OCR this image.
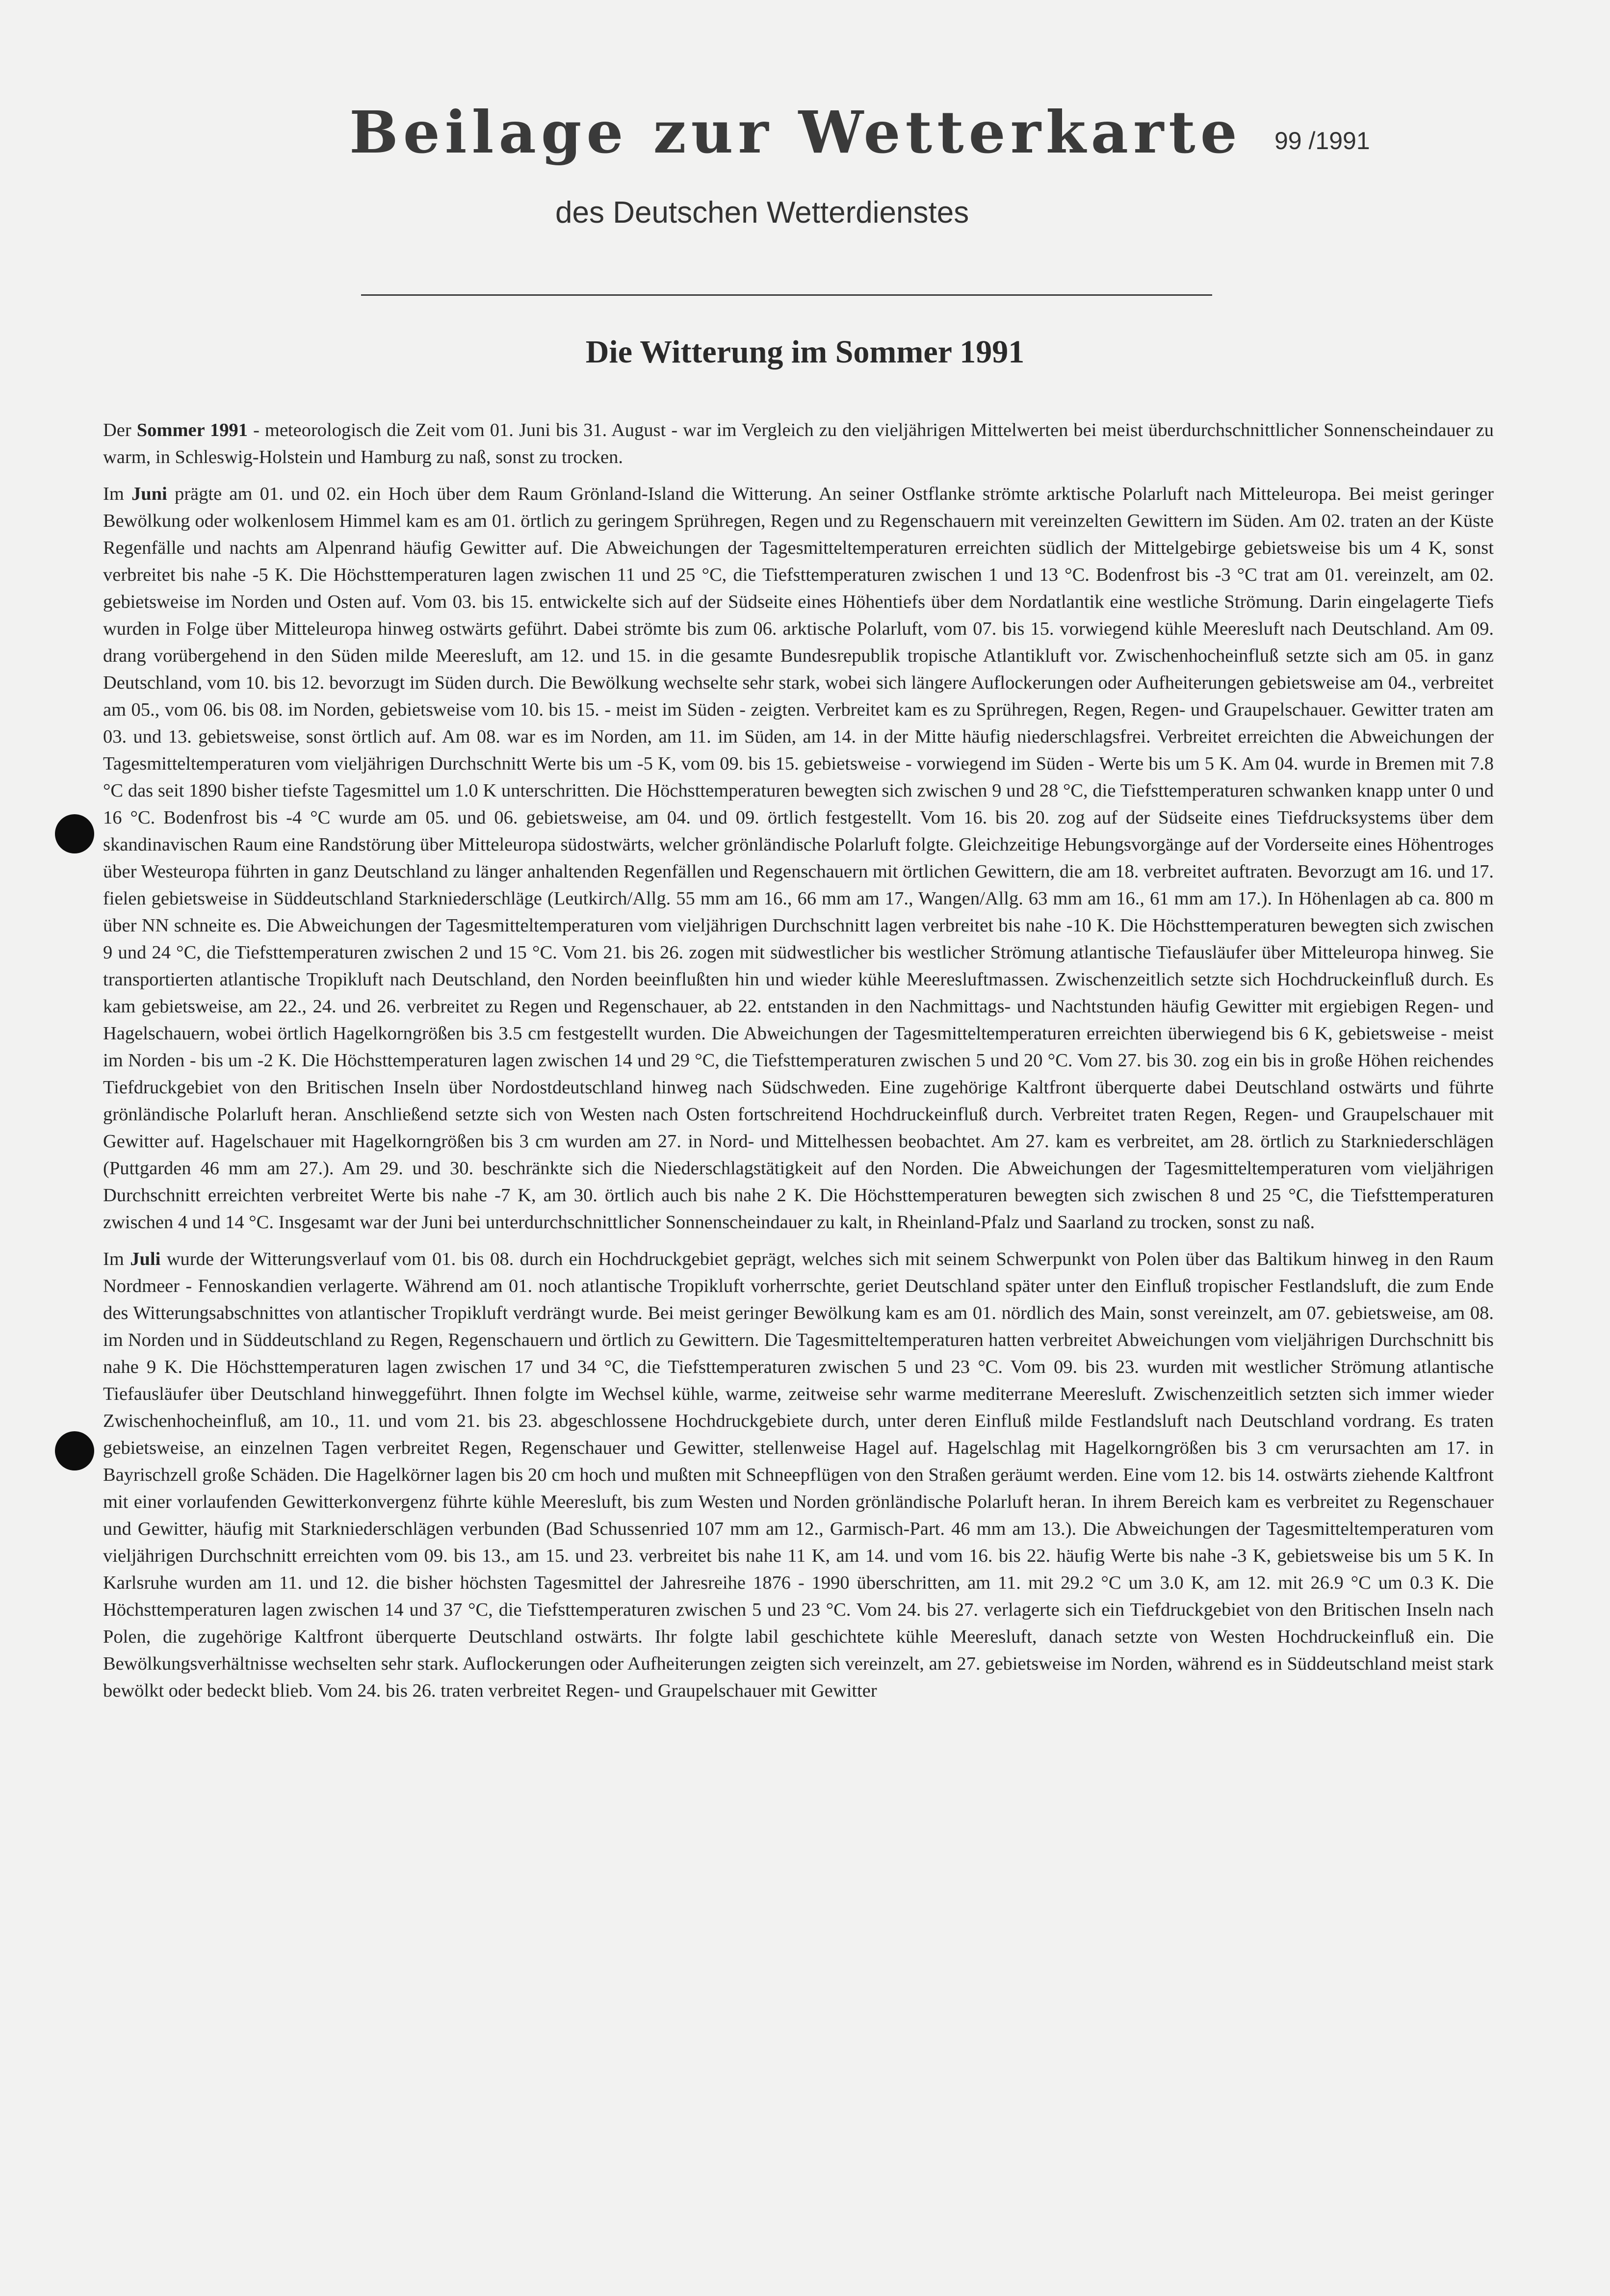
Beilage zur Wetterkarte 99 /1991
des Deutschen Wetterdienstes
Die Witterung im Sommer 1991

Der Sommer 1991 - meteorologisch die Zeit vom 01. Juni bis 31. August - war im Vergleich zu den vieljährigen Mittelwerten bei meist überdurchschnittlicher Sonnenscheindauer zu warm, in Schleswig-Holstein und Hamburg zu naß, sonst zu trocken.

Im Juni prägte am 01. und 02. ein Hoch über dem Raum Grönland-Island die Witterung. An seiner Ostflanke strömte arktische Polarluft nach Mitteleuropa. Bei meist geringer Bewölkung oder wolkenlosem Himmel kam es am 01. örtlich zu geringem Sprühregen, Regen und zu Regenschauern mit vereinzelten Gewittern im Süden. Am 02. traten an der Küste Regenfälle und nachts am Alpenrand häufig Gewitter auf. Die Abweichungen der Tagesmitteltemperaturen erreichten südlich der Mittelgebirge gebietsweise bis um 4 K, sonst verbreitet bis nahe -5 K. Die Höchsttemperaturen lagen zwischen 11 und 25 °C, die Tiefsttemperaturen zwischen 1 und 13 °C. Bodenfrost bis -3 °C trat am 01. vereinzelt, am 02. gebietsweise im Norden und Osten auf. Vom 03. bis 15. entwickelte sich auf der Südseite eines Höhentiefs über dem Nordatlantik eine westliche Strömung. Darin eingelagerte Tiefs wurden in Folge über Mitteleuropa hinweg ostwärts geführt. Dabei strömte bis zum 06. arktische Polarluft, vom 07. bis 15. vorwiegend kühle Meeresluft nach Deutschland. Am 09. drang vorübergehend in den Süden milde Meeresluft, am 12. und 15. in die gesamte Bundesrepublik tropische Atlantikluft vor. Zwischenhocheinfluß setzte sich am 05. in ganz Deutschland, vom 10. bis 12. bevorzugt im Süden durch. Die Bewölkung wechselte sehr stark, wobei sich längere Auflockerungen oder Aufheiterungen gebietsweise am 04., verbreitet am 05., vom 06. bis 08. im Norden, gebietsweise vom 10. bis 15. - meist im Süden - zeigten. Verbreitet kam es zu Sprühregen, Regen, Regen- und Graupelschauer. Gewitter traten am 03. und 13. gebietsweise, sonst örtlich auf. Am 08. war es im Norden, am 11. im Süden, am 14. in der Mitte häufig niederschlagsfrei. Verbreitet erreichten die Abweichungen der Tagesmitteltemperaturen vom vieljährigen Durchschnitt Werte bis um -5 K, vom 09. bis 15. gebietsweise - vorwiegend im Süden - Werte bis um 5 K. Am 04. wurde in Bremen mit 7.8 °C das seit 1890 bisher tiefste Tagesmittel um 1.0 K unterschritten. Die Höchsttemperaturen bewegten sich zwischen 9 und 28 °C, die Tiefsttemperaturen schwanken knapp unter 0 und 16 °C. Bodenfrost bis -4 °C wurde am 05. und 06. gebietsweise, am 04. und 09. örtlich festgestellt. Vom 16. bis 20. zog auf der Südseite eines Tiefdrucksystems über dem skandinavischen Raum eine Randstörung über Mitteleuropa südostwärts, welcher grönländische Polarluft folgte. Gleichzeitige Hebungsvorgänge auf der Vorderseite eines Höhentroges über Westeuropa führten in ganz Deutschland zu länger anhaltenden Regenfällen und Regenschauern mit örtlichen Gewittern, die am 18. verbreitet auftraten. Bevorzugt am 16. und 17. fielen gebietsweise in Süddeutschland Starkniederschläge (Leutkirch/Allg. 55 mm am 16., 66 mm am 17., Wangen/Allg. 63 mm am 16., 61 mm am 17.). In Höhenlagen ab ca. 800 m über NN schneite es. Die Abweichungen der Tagesmitteltemperaturen vom vieljährigen Durchschnitt lagen verbreitet bis nahe -10 K. Die Höchsttemperaturen bewegten sich zwischen 9 und 24 °C, die Tiefsttemperaturen zwischen 2 und 15 °C. Vom 21. bis 26. zogen mit südwestlicher bis westlicher Strömung atlantische Tiefausläufer über Mitteleuropa hinweg. Sie transportierten atlantische Tropikluft nach Deutschland, den Norden beeinflußten hin und wieder kühle Meeresluftmassen. Zwischenzeitlich setzte sich Hochdruckeinfluß durch. Es kam gebietsweise, am 22., 24. und 26. verbreitet zu Regen und Regenschauer, ab 22. entstanden in den Nachmittags- und Nachtstunden häufig Gewitter mit ergiebigen Regen- und Hagelschauern, wobei örtlich Hagelkorngrößen bis 3.5 cm festgestellt wurden. Die Abweichungen der Tagesmitteltemperaturen erreichten überwiegend bis 6 K, gebietsweise - meist im Norden - bis um -2 K. Die Höchsttemperaturen lagen zwischen 14 und 29 °C, die Tiefsttemperaturen zwischen 5 und 20 °C. Vom 27. bis 30. zog ein bis in große Höhen reichendes Tiefdruckgebiet von den Britischen Inseln über Nordostdeutschland hinweg nach Südschweden. Eine zugehörige Kaltfront überquerte dabei Deutschland ostwärts und führte grönländische Polarluft heran. Anschließend setzte sich von Westen nach Osten fortschreitend Hochdruckeinfluß durch. Verbreitet traten Regen, Regen- und Graupelschauer mit Gewitter auf. Hagelschauer mit Hagelkorngrößen bis 3 cm wurden am 27. in Nord- und Mittelhessen beobachtet. Am 27. kam es verbreitet, am 28. örtlich zu Starkniederschlägen (Puttgarden 46 mm am 27.). Am 29. und 30. beschränkte sich die Niederschlagstätigkeit auf den Norden. Die Abweichungen der Tagesmitteltemperaturen vom vieljährigen Durchschnitt erreichten verbreitet Werte bis nahe -7 K, am 30. örtlich auch bis nahe 2 K. Die Höchsttemperaturen bewegten sich zwischen 8 und 25 °C, die Tiefsttemperaturen zwischen 4 und 14 °C. Insgesamt war der Juni bei unterdurchschnittlicher Sonnenscheindauer zu kalt, in Rheinland-Pfalz und Saarland zu trocken, sonst zu naß.

Im Juli wurde der Witterungsverlauf vom 01. bis 08. durch ein Hochdruckgebiet geprägt, welches sich mit seinem Schwerpunkt von Polen über das Baltikum hinweg in den Raum Nordmeer - Fennoskandien verlagerte. Während am 01. noch atlantische Tropikluft vorherrschte, geriet Deutschland später unter den Einfluß tropischer Festlandsluft, die zum Ende des Witterungsabschnittes von atlantischer Tropikluft verdrängt wurde. Bei meist geringer Bewölkung kam es am 01. nördlich des Main, sonst vereinzelt, am 07. gebietsweise, am 08. im Norden und in Süddeutschland zu Regen, Regenschauern und örtlich zu Gewittern. Die Tagesmitteltemperaturen hatten verbreitet Abweichungen vom vieljährigen Durchschnitt bis nahe 9 K. Die Höchsttemperaturen lagen zwischen 17 und 34 °C, die Tiefsttemperaturen zwischen 5 und 23 °C. Vom 09. bis 23. wurden mit westlicher Strömung atlantische Tiefausläufer über Deutschland hinweggeführt. Ihnen folgte im Wechsel kühle, warme, zeitweise sehr warme mediterrane Meeresluft. Zwischenzeitlich setzten sich immer wieder Zwischenhocheinfluß, am 10., 11. und vom 21. bis 23. abgeschlossene Hochdruckgebiete durch, unter deren Einfluß milde Festlandsluft nach Deutschland vordrang. Es traten gebietsweise, an einzelnen Tagen verbreitet Regen, Regenschauer und Gewitter, stellenweise Hagel auf. Hagelschlag mit Hagelkorngrößen bis 3 cm verursachten am 17. in Bayrischzell große Schäden. Die Hagelkörner lagen bis 20 cm hoch und mußten mit Schneepflügen von den Straßen geräumt werden. Eine vom 12. bis 14. ostwärts ziehende Kaltfront mit einer vorlaufenden Gewitterkonvergenz führte kühle Meeresluft, bis zum Westen und Norden grönländische Polarluft heran. In ihrem Bereich kam es verbreitet zu Regenschauer und Gewitter, häufig mit Starkniederschlägen verbunden (Bad Schussenried 107 mm am 12., Garmisch-Part. 46 mm am 13.). Die Abweichungen der Tagesmitteltemperaturen vom vieljährigen Durchschnitt erreichten vom 09. bis 13., am 15. und 23. verbreitet bis nahe 11 K, am 14. und vom 16. bis 22. häufig Werte bis nahe -3 K, gebietsweise bis um 5 K. In Karlsruhe wurden am 11. und 12. die bisher höchsten Tagesmittel der Jahresreihe 1876 - 1990 überschritten, am 11. mit 29.2 °C um 3.0 K, am 12. mit 26.9 °C um 0.3 K. Die Höchsttemperaturen lagen zwischen 14 und 37 °C, die Tiefsttemperaturen zwischen 5 und 23 °C. Vom 24. bis 27. verlagerte sich ein Tiefdruckgebiet von den Britischen Inseln nach Polen, die zugehörige Kaltfront überquerte Deutschland ostwärts. Ihr folgte labil geschichtete kühle Meeresluft, danach setzte von Westen Hochdruckeinfluß ein. Die Bewölkungsverhältnisse wechselten sehr stark. Auflockerungen oder Aufheiterungen zeigten sich vereinzelt, am 27. gebietsweise im Norden, während es in Süddeutschland meist stark bewölkt oder bedeckt blieb. Vom 24. bis 26. traten verbreitet Regen- und Graupelschauer mit Gewitter
